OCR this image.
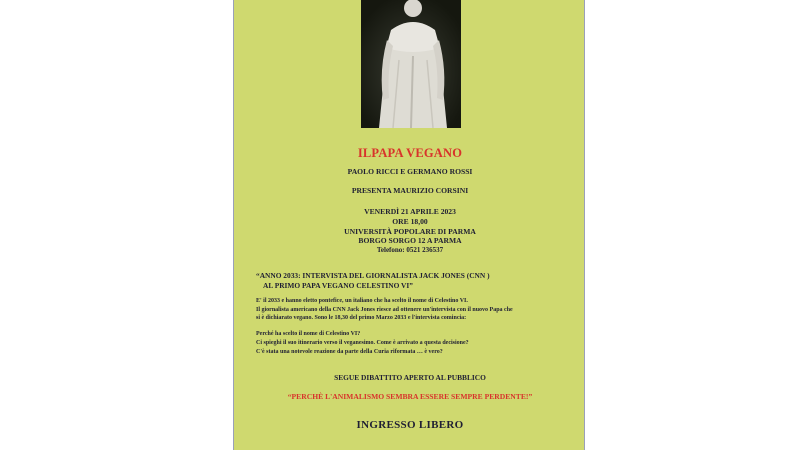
ILPAPA VEGANO
PAOLO RICCI E GERMANO ROSSI
PRESENTA MAURIZIO CORSINI
VENERDÌ 21 APRILE 2023
ORE 18,00
UNIVERSITÀ POPOLARE DI PARMA
BORGO SORGO 12 A PARMA
Telefono: 0521 236537
“ANNO 2033: INTERVISTA DEL GIORNALISTA JACK JONES (CNN )
AL PRIMO PAPA VEGANO CELESTINO VI”
E' il 2033 e hanno eletto pontefice, un italiano che ha scelto il nome di Celestino VI.
Il giornalista americano della CNN Jack Jones riesce ad ottenere un'intervista con il nuovo Papa che
si è dichiarato vegano. Sono le 18,30 del primo Marzo 2033 e l'intervista comincia:
Perché ha scelto il nome di Celestino VI?
Ci spieghi il suo itinerario verso il veganesimo. Come è arrivato a questa decisione?
C'è stata una notevole reazione da parte della Curia riformata … è vero?
SEGUE DIBATTITO APERTO AL PUBBLICO
“PERCHÈ L'ANIMALISMO SEMBRA ESSERE SEMPRE PERDENTE!”
INGRESSO LIBERO
